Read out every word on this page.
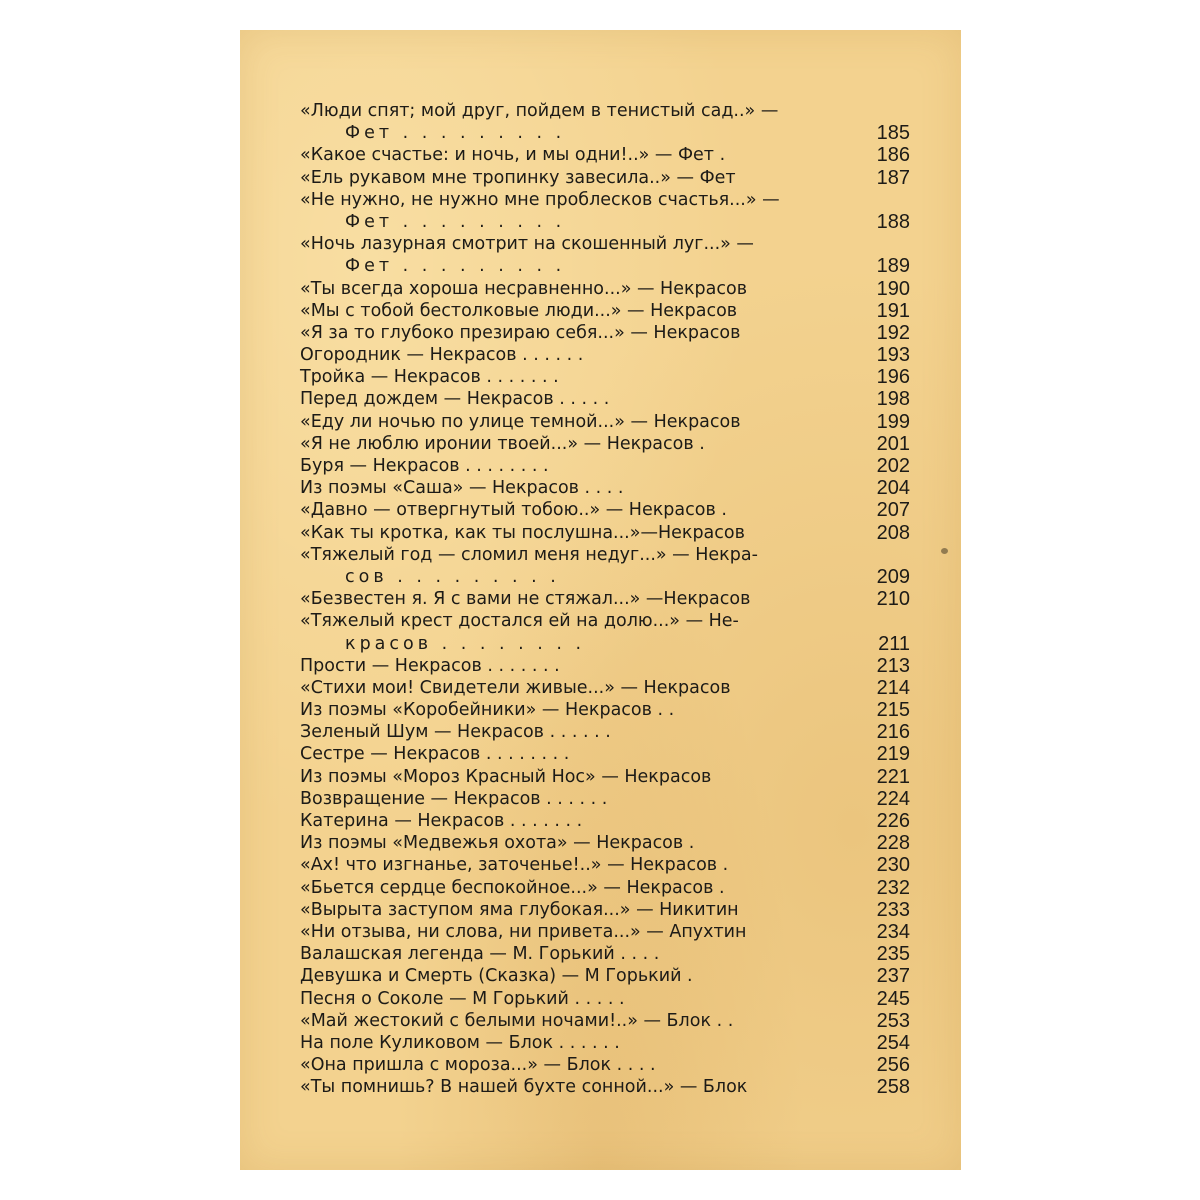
«Люди спят; мой друг, пойдем в тенистый сад..» —
Фет . . . . . . . . .	185
«Какое счастье: и ночь, и мы одни!..» — Фет .	186
«Ель рукавом мне тропинку завесила..» — Фет	187
«Не нужно, не нужно мне проблесков счастья...» —
Фет . . . . . . . . .	188
«Ночь лазурная смотрит на скошенный луг...» —
Фет . . . . . . . . .	189
«Ты всегда хороша несравненно...» — Некрасов	190
«Мы с тобой бестолковые люди...» — Некрасов	191
«Я за то глубоко презираю себя...» — Некрасов	192
Огородник — Некрасов . . . . . .	193
Тройка — Некрасов . . . . . . .	196
Перед дождем — Некрасов . . . . .	198
«Еду ли ночью по улице темной...» — Некрасов	199
«Я не люблю иронии твоей...» — Некрасов .	201
Буря — Некрасов . . . . . . . .	202
Из поэмы «Саша» — Некрасов . . . .	204
«Давно — отвергнутый тобою..» — Некрасов .	207
«Как ты кротка, как ты послушна...»—Некрасов	208
«Тяжелый год — сломил меня недуг...» — Некра-
сов . . . . . . . . .	209
«Безвестен я. Я с вами не стяжал...» —Некрасов	210
«Тяжелый крест достался ей на долю...» — Не-
красов . . . . . . . .	211
Прости — Некрасов . . . . . . .	213
«Стихи мои! Свидетели живые...» — Некрасов	214
Из поэмы «Коробейники» — Некрасов . .	215
Зеленый Шум — Некрасов . . . . . .	216
Сестре — Некрасов . . . . . . . .	219
Из поэмы «Мороз Красный Нос» — Некрасов	221
Возвращение — Некрасов . . . . . .	224
Катерина — Некрасов . . . . . . .	226
Из поэмы «Медвежья охота» — Некрасов .	228
«Ах! что изгнанье, заточенье!..» — Некрасов .	230
«Бьется сердце беспокойное...» — Некрасов .	232
«Вырыта заступом яма глубокая...» — Никитин	233
«Ни отзыва, ни слова, ни привета...» — Апухтин	234
Валашская легенда — М. Горький . . . .	235
Девушка и Смерть (Сказка) — М Горький .	237
Песня о Соколе — М Горький . . . . .	245
«Май жестокий с белыми ночами!..» — Блок . .	253
На поле Куликовом — Блок . . . . . .	254
«Она пришла с мороза...» — Блок . . . .	256
«Ты помнишь? В нашей бухте сонной...» — Блок	258
